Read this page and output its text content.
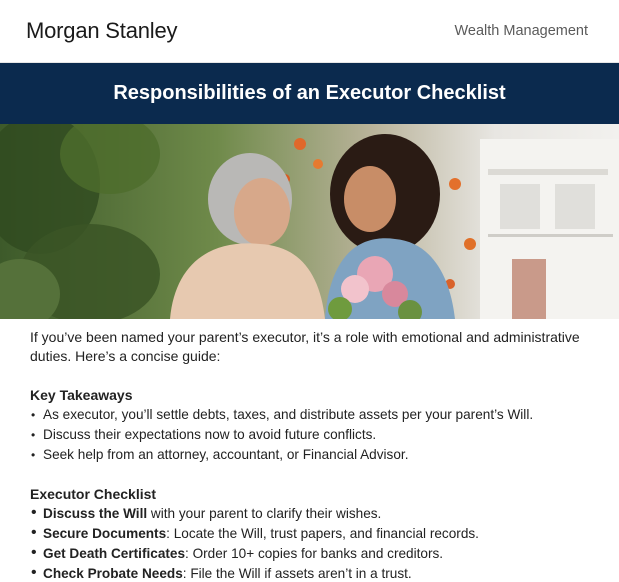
Morgan Stanley	Wealth Management
Responsibilities of an Executor Checklist

If you’ve been named your parent’s executor, it’s a role with emotional and administrative duties. Here’s a concise guide:

Key Takeaways
• As executor, you’ll settle debts, taxes, and distribute assets per your parent’s Will.
• Discuss their expectations now to avoid future conflicts.
• Seek help from an attorney, accountant, or Financial Advisor.
Executor Checklist
• Discuss the Will with your parent to clarify their wishes.
• Secure Documents: Locate the Will, trust papers, and financial records.
• Get Death Certificates: Order 10+ copies for banks and creditors.
• Check Probate Needs: File the Will if assets aren’t in a trust.
